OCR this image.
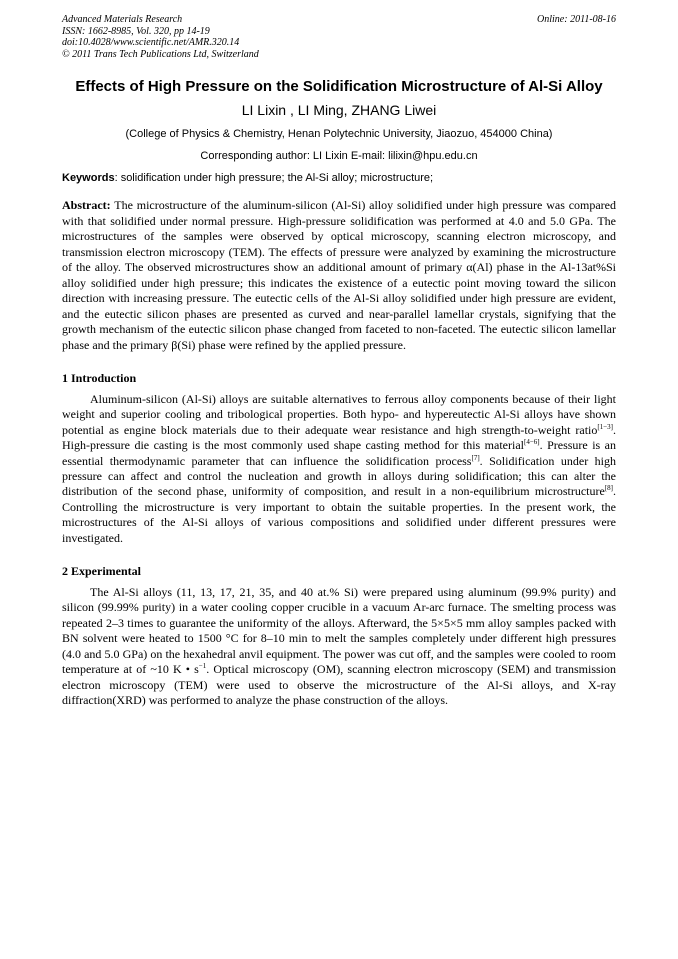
Advanced Materials Research
ISSN: 1662-8985, Vol. 320, pp 14-19
doi:10.4028/www.scientific.net/AMR.320.14
© 2011 Trans Tech Publications Ltd, Switzerland
Online: 2011-08-16
Effects of High Pressure on the Solidification Microstructure of Al-Si Alloy
LI Lixin , LI Ming, ZHANG Liwei
(College of Physics & Chemistry, Henan Polytechnic University, Jiaozuo, 454000 China)
Corresponding author: LI Lixin E-mail: lilixin@hpu.edu.cn
Keywords: solidification under high pressure; the Al-Si alloy; microstructure;
Abstract: The microstructure of the aluminum-silicon (Al-Si) alloy solidified under high pressure was compared with that solidified under normal pressure. High-pressure solidification was performed at 4.0 and 5.0 GPa. The microstructures of the samples were observed by optical microscopy, scanning electron microscopy, and transmission electron microscopy (TEM). The effects of pressure were analyzed by examining the microstructure of the alloy. The observed microstructures show an additional amount of primary α(Al) phase in the Al-13at%Si alloy solidified under high pressure; this indicates the existence of a eutectic point moving toward the silicon direction with increasing pressure. The eutectic cells of the Al-Si alloy solidified under high pressure are evident, and the eutectic silicon phases are presented as curved and near-parallel lamellar crystals, signifying that the growth mechanism of the eutectic silicon phase changed from faceted to non-faceted. The eutectic silicon lamellar phase and the primary β(Si) phase were refined by the applied pressure.
1 Introduction
Aluminum-silicon (Al-Si) alloys are suitable alternatives to ferrous alloy components because of their light weight and superior cooling and tribological properties. Both hypo- and hypereutectic Al-Si alloys have shown potential as engine block materials due to their adequate wear resistance and high strength-to-weight ratio[1−3]. High-pressure die casting is the most commonly used shape casting method for this material[4−6]. Pressure is an essential thermodynamic parameter that can influence the solidification process[7]. Solidification under high pressure can affect and control the nucleation and growth in alloys during solidification; this can alter the distribution of the second phase, uniformity of composition, and result in a non-equilibrium microstructure[8]. Controlling the microstructure is very important to obtain the suitable properties. In the present work, the microstructures of the Al-Si alloys of various compositions and solidified under different pressures were investigated.
2 Experimental
The Al-Si alloys (11, 13, 17, 21, 35, and 40 at.% Si) were prepared using aluminum (99.9% purity) and silicon (99.99% purity) in a water cooling copper crucible in a vacuum Ar-arc furnace. The smelting process was repeated 2–3 times to guarantee the uniformity of the alloys. Afterward, the 5×5×5 mm alloy samples packed with BN solvent were heated to 1500 °C for 8–10 min to melt the samples completely under different high pressures (4.0 and 5.0 GPa) on the hexahedral anvil equipment. The power was cut off, and the samples were cooled to room temperature at of ~10 K • $s^{-1}$. Optical microscopy (OM), scanning electron microscopy (SEM) and transmission electron microscopy (TEM) were used to observe the microstructure of the Al-Si alloys, and X-ray diffraction(XRD) was performed to analyze the phase construction of the alloys.
